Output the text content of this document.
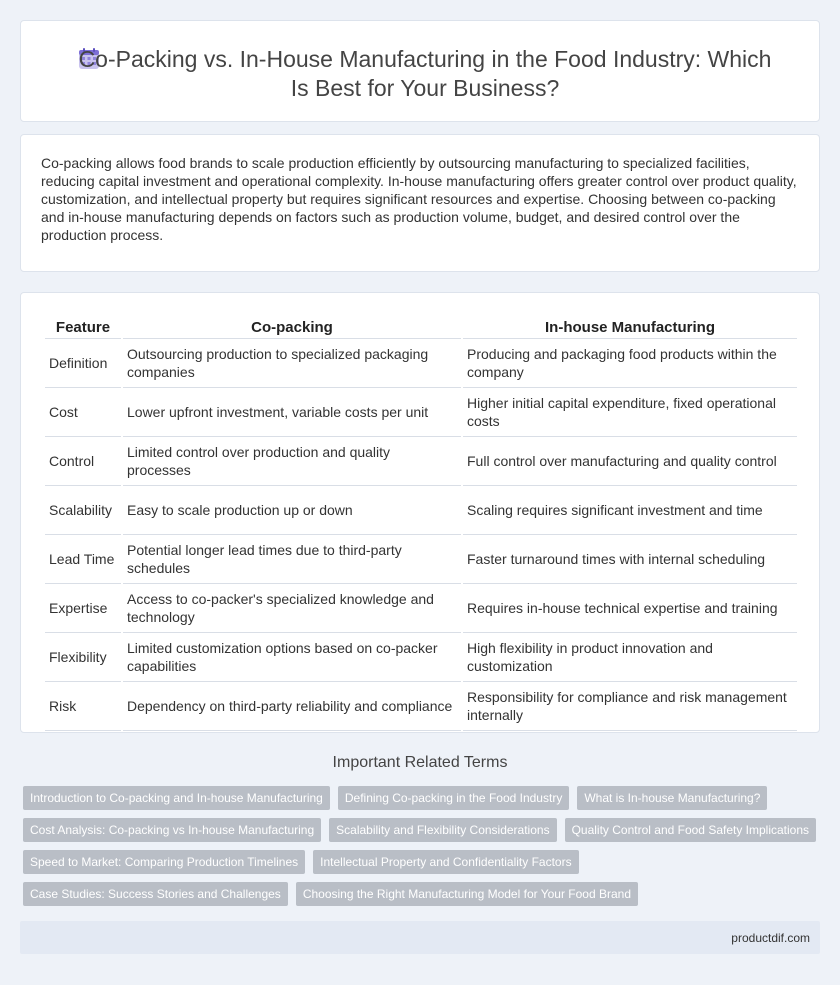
Co-Packing vs. In-House Manufacturing in the Food Industry: Which Is Best for Your Business?

Co-packing allows food brands to scale production efficiently by outsourcing manufacturing to specialized facilities, reducing capital investment and operational complexity. In-house manufacturing offers greater control over product quality, customization, and intellectual property but requires significant resources and expertise. Choosing between co-packing and in-house manufacturing depends on factors such as production volume, budget, and desired control over the production process.

Feature	Co-packing	In-house Manufacturing
Definition	Outsourcing production to specialized packaging companies	Producing and packaging food products within the company
Cost	Lower upfront investment, variable costs per unit	Higher initial capital expenditure, fixed operational costs
Control	Limited control over production and quality processes	Full control over manufacturing and quality control
Scalability	Easy to scale production up or down	Scaling requires significant investment and time
Lead Time	Potential longer lead times due to third-party schedules	Faster turnaround times with internal scheduling
Expertise	Access to co-packer's specialized knowledge and technology	Requires in-house technical expertise and training
Flexibility	Limited customization options based on co-packer capabilities	High flexibility in product innovation and customization
Risk	Dependency on third-party reliability and compliance	Responsibility for compliance and risk management internally
Important Related Terms
Introduction to Co-packing and In-house Manufacturing	Defining Co-packing in the Food Industry	What is In-house Manufacturing?
Cost Analysis: Co-packing vs In-house Manufacturing	Scalability and Flexibility Considerations	Quality Control and Food Safety Implications
Speed to Market: Comparing Production Timelines	Intellectual Property and Confidentiality Factors
Case Studies: Success Stories and Challenges	Choosing the Right Manufacturing Model for Your Food Brand
productdif.com
